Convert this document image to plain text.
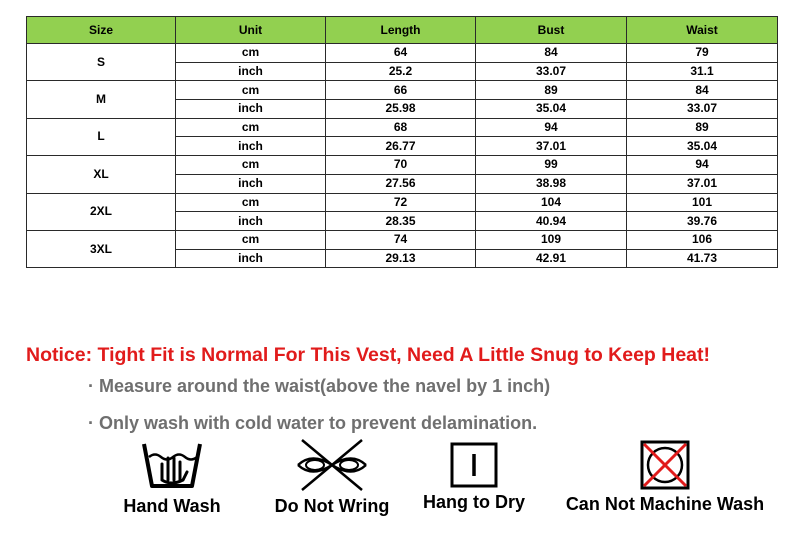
Size	Unit	Length	Bust	Waist
S	cm	64	84	79
	inch	25.2	33.07	31.1
M	cm	66	89	84
	inch	25.98	35.04	33.07
L	cm	68	94	89
	inch	26.77	37.01	35.04
XL	cm	70	99	94
	inch	27.56	38.98	37.01
2XL	cm	72	104	101
	inch	28.35	40.94	39.76
3XL	cm	74	109	106
	inch	29.13	42.91	41.73
Notice: Tight Fit is Normal For This Vest, Need A Little Snug to Keep Heat!
· Measure around the waist(above the navel by 1 inch)
· Only wash with cold water to prevent delamination.
Hand Wash	Do Not Wring	Hang to Dry	Can Not Machine Wash
